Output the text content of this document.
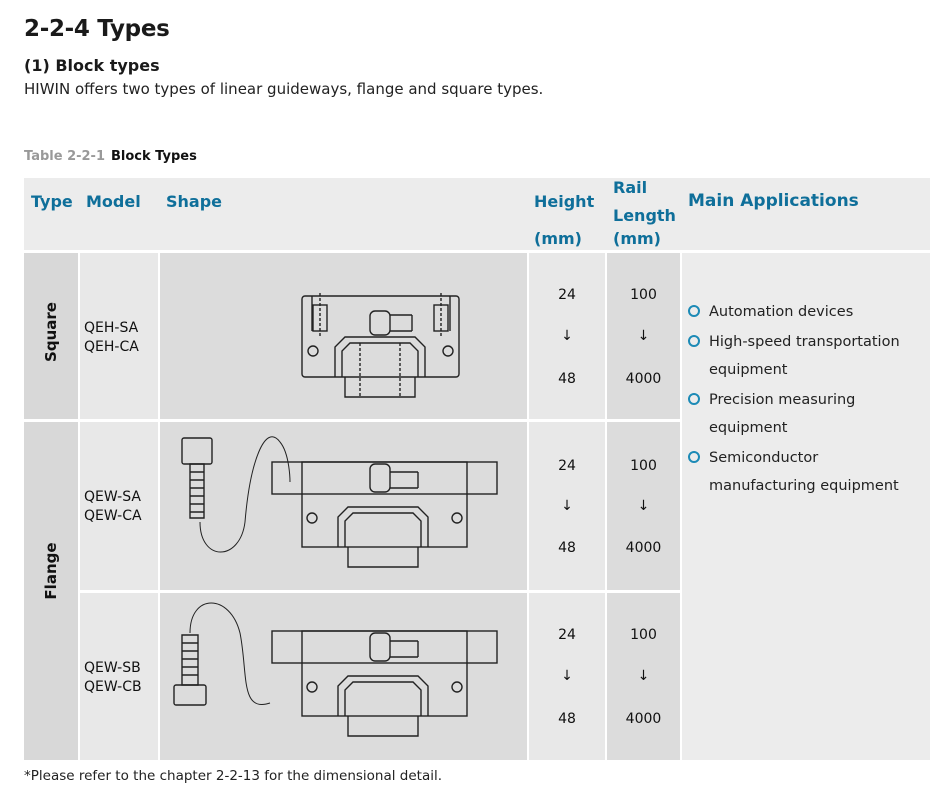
2-2-4 Types
(1) Block types
HIWIN offers two types of linear guideways, flange and square types.
Table 2-2-1 Block Types
Type Model Shape	Height
(mm)
Rail
Length
(mm)
Main Applications
Square
Flange
QEH-SA
QEH-CA
QEW-SA
QEW-CA
QEW-SB
QEW-CB
24
↓
48
24
↓
48
24
↓
48
100
↓
4000
100
↓
4000
100
↓
4000
Automation devices
High-speed transportation
equipment
Precision measuring
equipment
Semiconductor
manufacturing equipment
*Please refer to the chapter 2-2-13 for the dimensional detail.
